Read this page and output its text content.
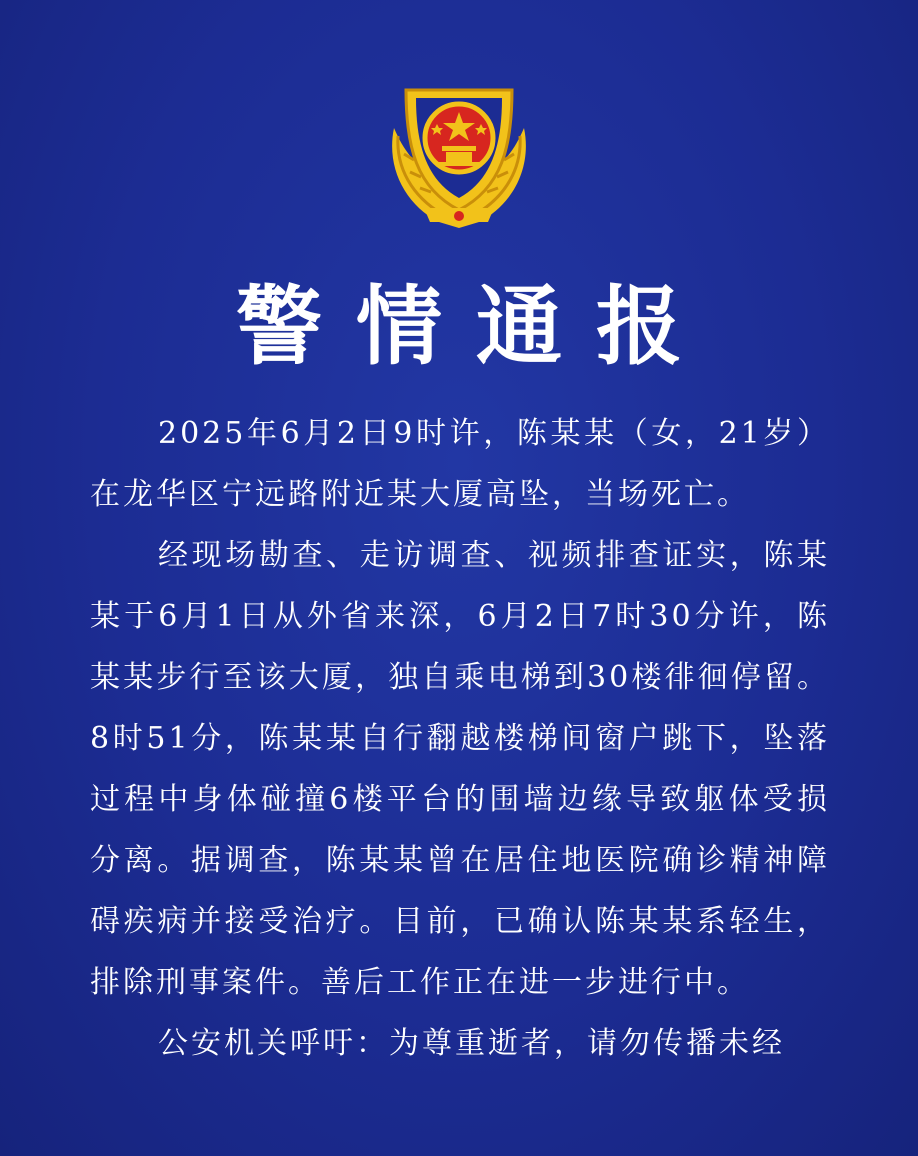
警情通报

2025年6月2日9时许，陈某某（女，21岁）在龙华区宁远路附近某大厦高坠，当场死亡。

经现场勘查、走访调查、视频排查证实，陈某某于6月1日从外省来深，6月2日7时30分许，陈某某步行至该大厦，独自乘电梯到30楼徘徊停留。8时51分，陈某某自行翻越楼梯间窗户跳下，坠落过程中身体碰撞6楼平台的围墙边缘导致躯体受损分离。据调查，陈某某曾在居住地医院确诊精神障碍疾病并接受治疗。目前，已确认陈某某系轻生，排除刑事案件。善后工作正在进一步进行中。

公安机关呼吁：为尊重逝者，请勿传播未经
